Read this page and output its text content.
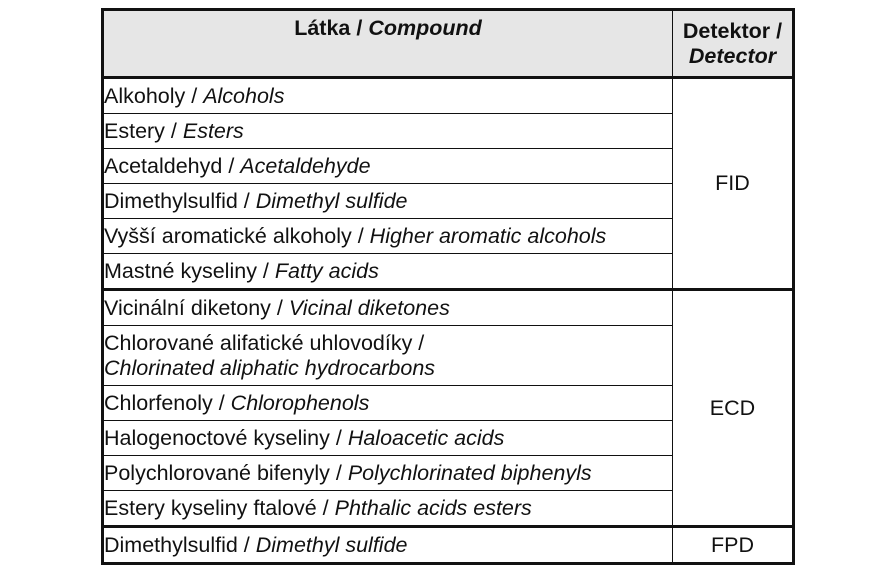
Látka / Compound	Detektor /
Detector

Alkoholy / Alcohols	FID
Estery / Esters	
Acetaldehyd / Acetaldehyde	
Dimethylsulfid / Dimethyl sulfide	
Vyšší aromatické alkoholy / Higher aromatic alcohols	
Mastné kyseliny / Fatty acids	
Vicinální diketony / Vicinal diketones	ECD

Chlorované alifatické uhlovodíky /
Chlorinated aliphatic hydrocarbons	

Chlorfenoly / Chlorophenols	
Halogenoctové kyseliny / Haloacetic acids	
Polychlorované bifenyly / Polychlorinated biphenyls	
Estery kyseliny ftalové / Phthalic acids esters	
Dimethylsulfid / Dimethyl sulfide	FPD
